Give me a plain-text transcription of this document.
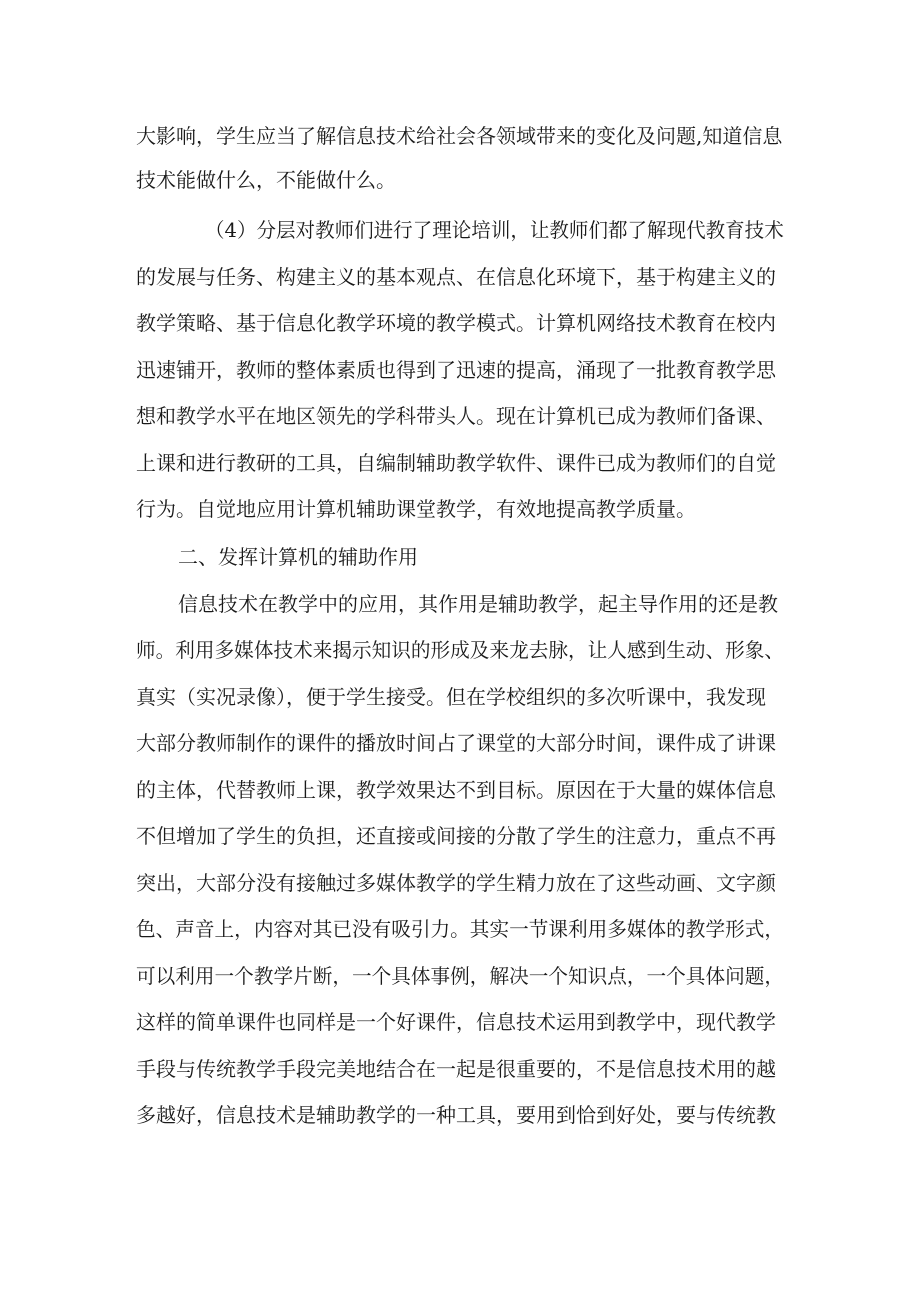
大影响，学生应当了解信息技术给社会各领域带来的变化及问题,知道信息

技术能做什么，不能做什么。

（4）分层对教师们进行了理论培训，让教师们都了解现代教育技术

的发展与任务、构建主义的基本观点、在信息化环境下，基于构建主义的

教学策略、基于信息化教学环境的教学模式。计算机网络技术教育在校内

迅速铺开，教师的整体素质也得到了迅速的提高，涌现了一批教育教学思

想和教学水平在地区领先的学科带头人。现在计算机已成为教师们备课、

上课和进行教研的工具，自编制辅助教学软件、课件已成为教师们的自觉

行为。自觉地应用计算机辅助课堂教学，有效地提高教学质量。

二、发挥计算机的辅助作用

信息技术在教学中的应用，其作用是辅助教学，起主导作用的还是教

师。利用多媒体技术来揭示知识的形成及来龙去脉，让人感到生动、形象、

真实（实况录像），便于学生接受。但在学校组织的多次听课中，我发现

大部分教师制作的课件的播放时间占了课堂的大部分时间，课件成了讲课

的主体，代替教师上课，教学效果达不到目标。原因在于大量的媒体信息

不但增加了学生的负担，还直接或间接的分散了学生的注意力，重点不再

突出，大部分没有接触过多媒体教学的学生精力放在了这些动画、文字颜

色、声音上，内容对其已没有吸引力。其实一节课利用多媒体的教学形式，

可以利用一个教学片断，一个具体事例，解决一个知识点，一个具体问题，

这样的简单课件也同样是一个好课件，信息技术运用到教学中，现代教学

手段与传统教学手段完美地结合在一起是很重要的，不是信息技术用的越

多越好，信息技术是辅助教学的一种工具，要用到恰到好处，要与传统教
